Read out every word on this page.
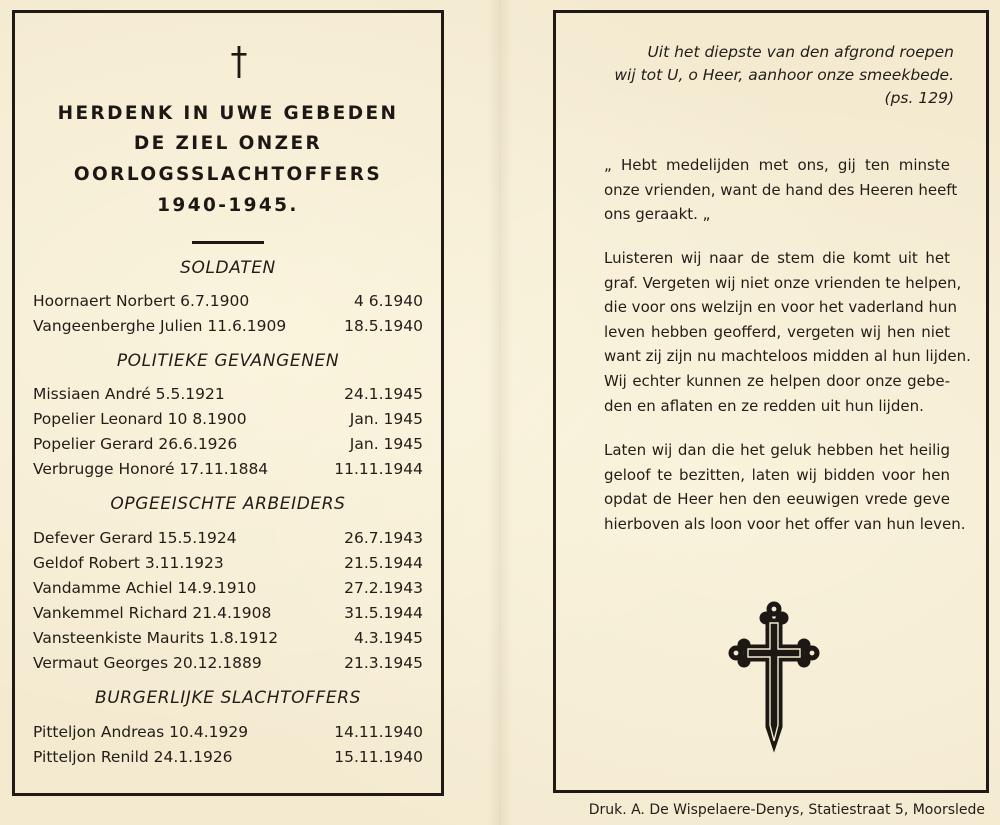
HERDENK IN UWE GEBEDEN
DE ZIEL ONZER
OORLOGSSLACHTOFFERS
1940-1945.
SOLDATEN
Hoornaert Norbert 6.7.1900	4 6.1940
Vangeenberghe Julien 11.6.1909	18.5.1940
POLITIEKE GEVANGENEN
Missiaen André 5.5.1921	24.1.1945
Popelier Leonard 10 8.1900	Jan. 1945
Popelier Gerard 26.6.1926	Jan. 1945
Verbrugge Honoré 17.11.1884	11.11.1944
OPGEEISCHTE ARBEIDERS
Defever Gerard 15.5.1924	26.7.1943
Geldof Robert 3.11.1923	21.5.1944
Vandamme Achiel 14.9.1910	27.2.1943
Vankemmel Richard 21.4.1908	31.5.1944
Vansteenkiste Maurits 1.8.1912	4.3.1945
Vermaut Georges 20.12.1889	21.3.1945
BURGERLIJKE SLACHTOFFERS
Pitteljon Andreas 10.4.1929	14.11.1940
Pitteljon Renild 24.1.1926	15.11.1940
Uit het diepste van den afgrond roepen
wij tot U, o Heer, aanhoor onze smeekbede.
(ps. 129)
„ Hebt medelijden met ons, gij ten minste
onze vrienden, want de hand des Heeren heeft
ons geraakt. „
Luisteren wij naar de stem die komt uit het
graf. Vergeten wij niet onze vrienden te helpen,
die voor ons welzijn en voor het vaderland hun
leven hebben geofferd, vergeten wij hen niet
want zij zijn nu machteloos midden al hun lijden.
Wij echter kunnen ze helpen door onze gebe-
den en aflaten en ze redden uit hun lijden.
Laten wij dan die het geluk hebben het heilig
geloof te bezitten, laten wij bidden voor hen
opdat de Heer hen den eeuwigen vrede geve
hierboven als loon voor het offer van hun leven.
Druk. A. De Wispelaere-Denys, Statiestraat 5, Moorslede
